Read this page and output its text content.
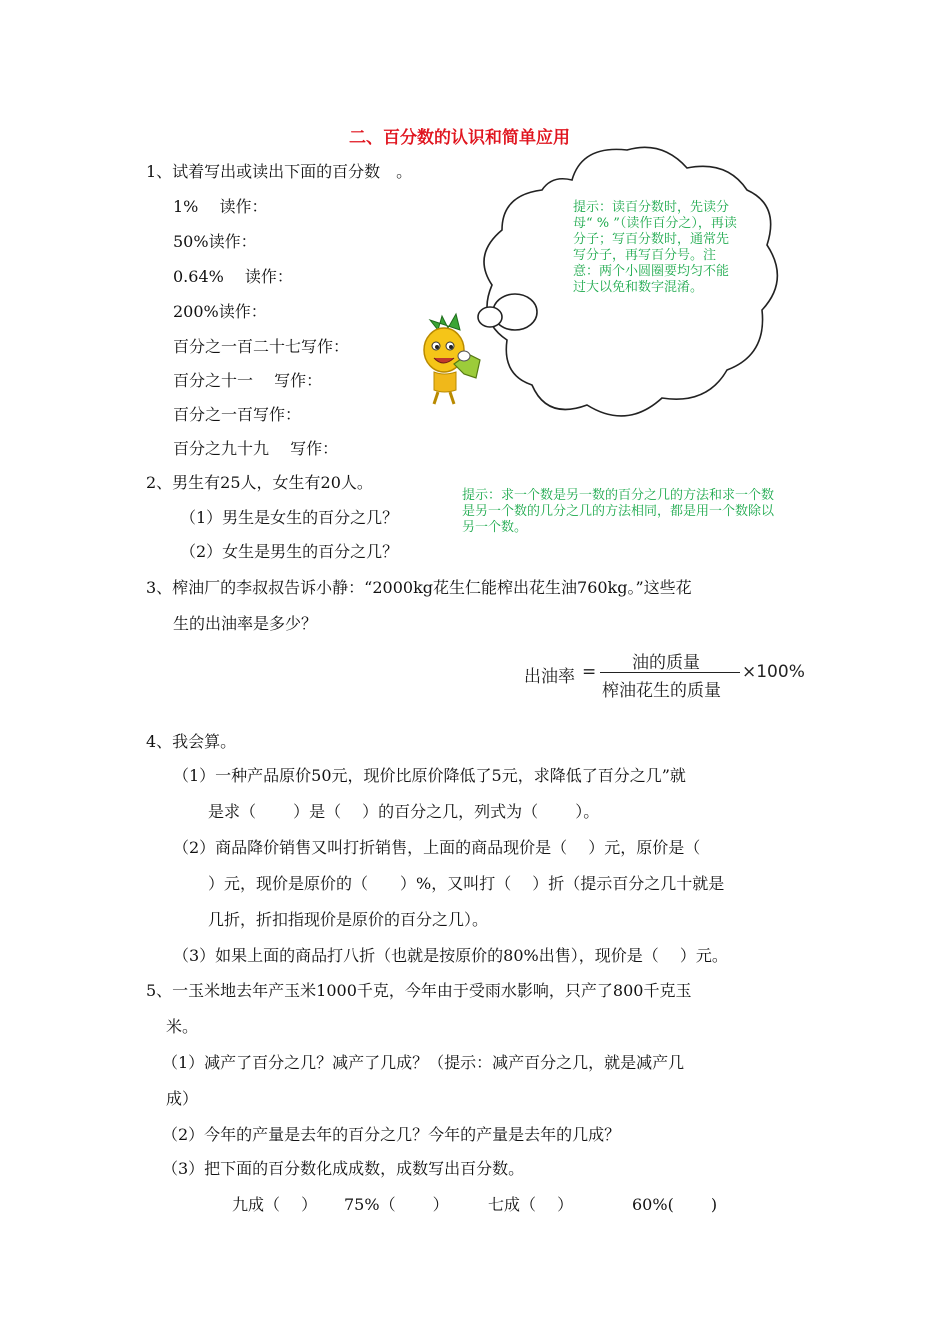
二、百分数的认识和简单应用
1、试着写出或读出下面的百分数　。
1%　 读作：
50%读作：
0.64%　 读作：
200%读作：
百分之一百二十七写作：
百分之十一　 写作：
百分之一百写作：
百分之九十九　 写作：
提示：读百分数时，先读分母“ % ”（读作百分之），再读分子；写百分数时，通常先写分子，再写百分号。注意：两个小圆圈要均匀不能过大以免和数字混淆。
2、男生有25人，女生有20人。
（1）男生是女生的百分之几？
（2）女生是男生的百分之几？
提示：求一个数是另一数的百分之几的方法和求一个数是另一个数的几分之几的方法相同，都是用一个数除以另一个数。
3、榨油厂的李叔叔告诉小静：“2000kg花生仁能榨出花生油760kg。”这些花
生的出油率是多少？
出油率 = 油的质量
榨油花生的质量
×100%
4、我会算。
（1）一种产品原价50元，现价比原价降低了5元，求降低了百分之几”就
是求（　　 ）是（　 ）的百分之几，列式为（　　 ）。
（2）商品降价销售又叫打折销售，上面的商品现价是（　 ）元，原价是（
）元，现价是原价的（　　）%，又叫打（　 ）折（提示百分之几十就是
几折，折扣指现价是原价的百分之几）。
（3）如果上面的商品打八折（也就是按原价的80%出售），现价是（　 ）元。
5、一玉米地去年产玉米1000千克，今年由于受雨水影响，只产了800千克玉
米。
（1）减产了百分之几？减产了几成？（提示：减产百分之几，就是减产几
成）
（2）今年的产量是去年的百分之几？今年的产量是去年的几成？
（3）把下面的百分数化成成数，成数写出百分数。
九成（　 ） 75%（　　 ） 七成（　 ）	60%(　　 )
